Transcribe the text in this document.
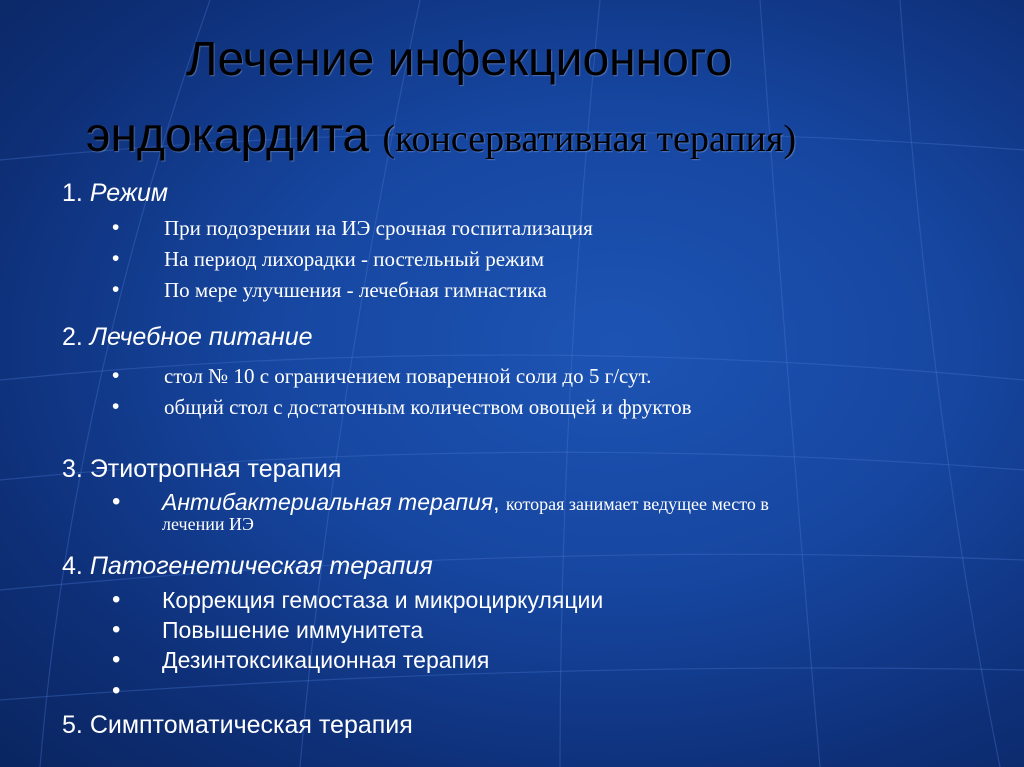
Лечение инфекционного
эндокардита (консервативная терапия)
1. Режим
• При подозрении на ИЭ срочная госпитализация
• На период лихорадки - постельный режим
• По мере улучшения - лечебная гимнастика
2. Лечебное питание
• стол № 10 с ограничением поваренной соли до 5 г/сут.
• общий стол с достаточным количеством овощей и фруктов
3. Этиотропная терапия
• Антибактериальная терапия, которая занимает ведущее место в
лечении ИЭ
4. Патогенетическая терапия
• Коррекция гемостаза и микроциркуляции
• Повышение иммунитета
• Дезинтоксикационная терапия
•
5. Симптоматическая терапия
